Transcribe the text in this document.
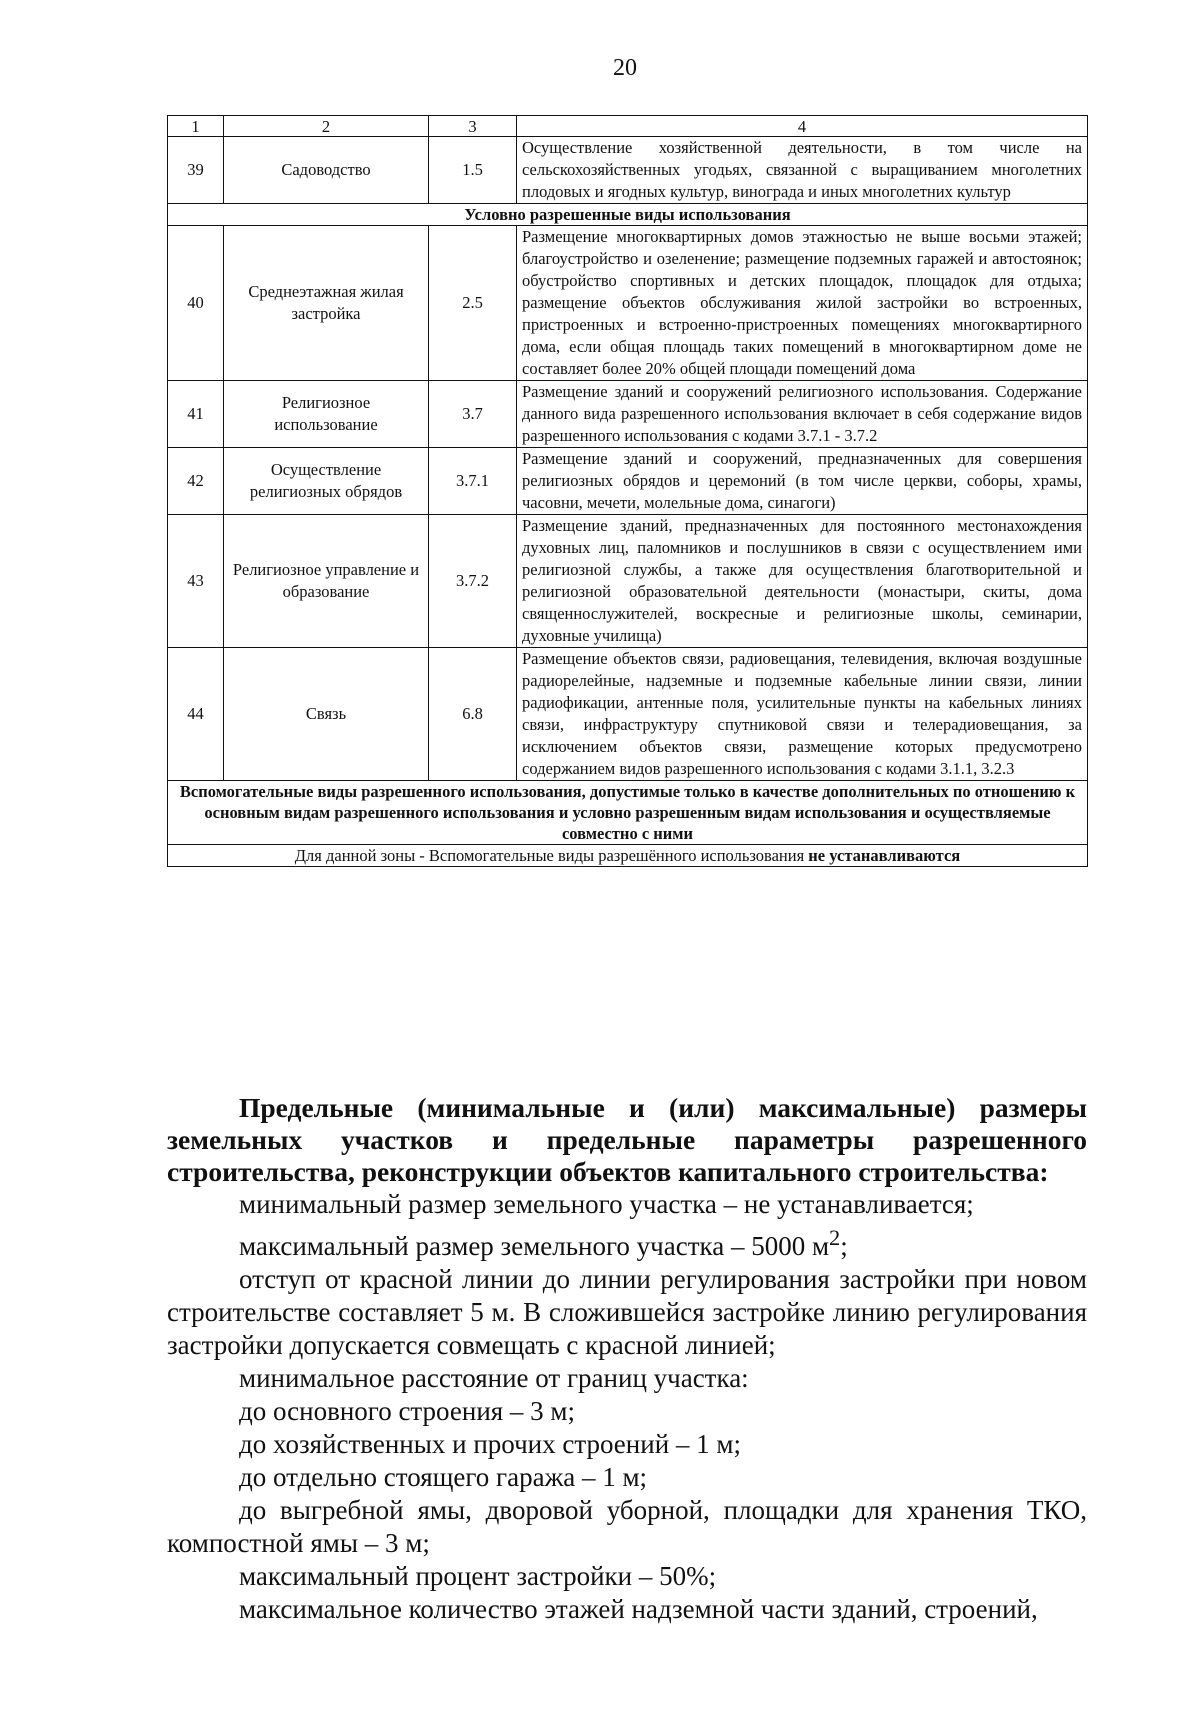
20
1	2	3	4
39	Садоводство	1.5	Осуществление хозяйственной деятельности, в том числе на сельскохозяйственных угодьях, связанной с выращиванием многолетних плодовых и ягодных культур, винограда и иных многолетних культур
Условно разрешенные виды использования			
40	Среднеэтажная жилая застройка	2.5	Размещение многоквартирных домов этажностью не выше восьми этажей; благоустройство и озеленение; размещение подземных гаражей и автостоянок; обустройство спортивных и детских площадок, площадок для отдыха; размещение объектов обслуживания жилой застройки во встроенных, пристроенных и встроенно-пристроенных помещениях многоквартирного дома, если общая площадь таких помещений в многоквартирном доме не составляет более 20% общей площади помещений дома
41	Религиозное использование	3.7	Размещение зданий и сооружений религиозного использования. Содержание данного вида разрешенного использования включает в себя содержание видов разрешенного использования с кодами 3.7.1 - 3.7.2
42	Осуществление религиозных обрядов	3.7.1	Размещение зданий и сооружений, предназначенных для совершения религиозных обрядов и церемоний (в том числе церкви, соборы, храмы, часовни, мечети, молельные дома, синагоги)
43	Религиозное управление и образование	3.7.2	Размещение зданий, предназначенных для постоянного местонахождения духовных лиц, паломников и послушников в связи с осуществлением ими религиозной службы, а также для осуществления благотворительной и религиозной образовательной деятельности (монастыри, скиты, дома священнослужителей, воскресные и религиозные школы, семинарии, духовные училища)
44	Связь	6.8	Размещение объектов связи, радиовещания, телевидения, включая воздушные радиорелейные, надземные и подземные кабельные линии связи, линии радиофикации, антенные поля, усилительные пункты на кабельных линиях связи, инфраструктуру спутниковой связи и телерадиовещания, за исключением объектов связи, размещение которых предусмотрено содержанием видов разрешенного использования с кодами 3.1.1, 3.2.3
Вспомогательные виды разрешенного использования, допустимые только в качестве дополнительных по отношению к основным видам разрешенного использования и условно разрешенным видам использования и осуществляемые совместно с ними			
Для данной зоны - Вспомогательные виды разрешённого использования не устанавливаются			
Предельные (минимальные и (или) максимальные) размеры земельных участков и предельные параметры разрешенного строительства, реконструкции объектов капитального строительства:

минимальный размер земельного участка – не устанавливается;

максимальный размер земельного участка – 5000 $м^2$;

отступ от красной линии до линии регулирования застройки при новом строительстве составляет 5 м. В сложившейся застройке линию регулирования застройки допускается совмещать с красной линией;

минимальное расстояние от границ участка:

до основного строения – 3 м;

до хозяйственных и прочих строений – 1 м;

до отдельно стоящего гаража – 1 м;

до выгребной ямы, дворовой уборной, площадки для хранения ТКО, компостной ямы – 3 м;

максимальный процент застройки – 50%;

максимальное количество этажей надземной части зданий, строений,
